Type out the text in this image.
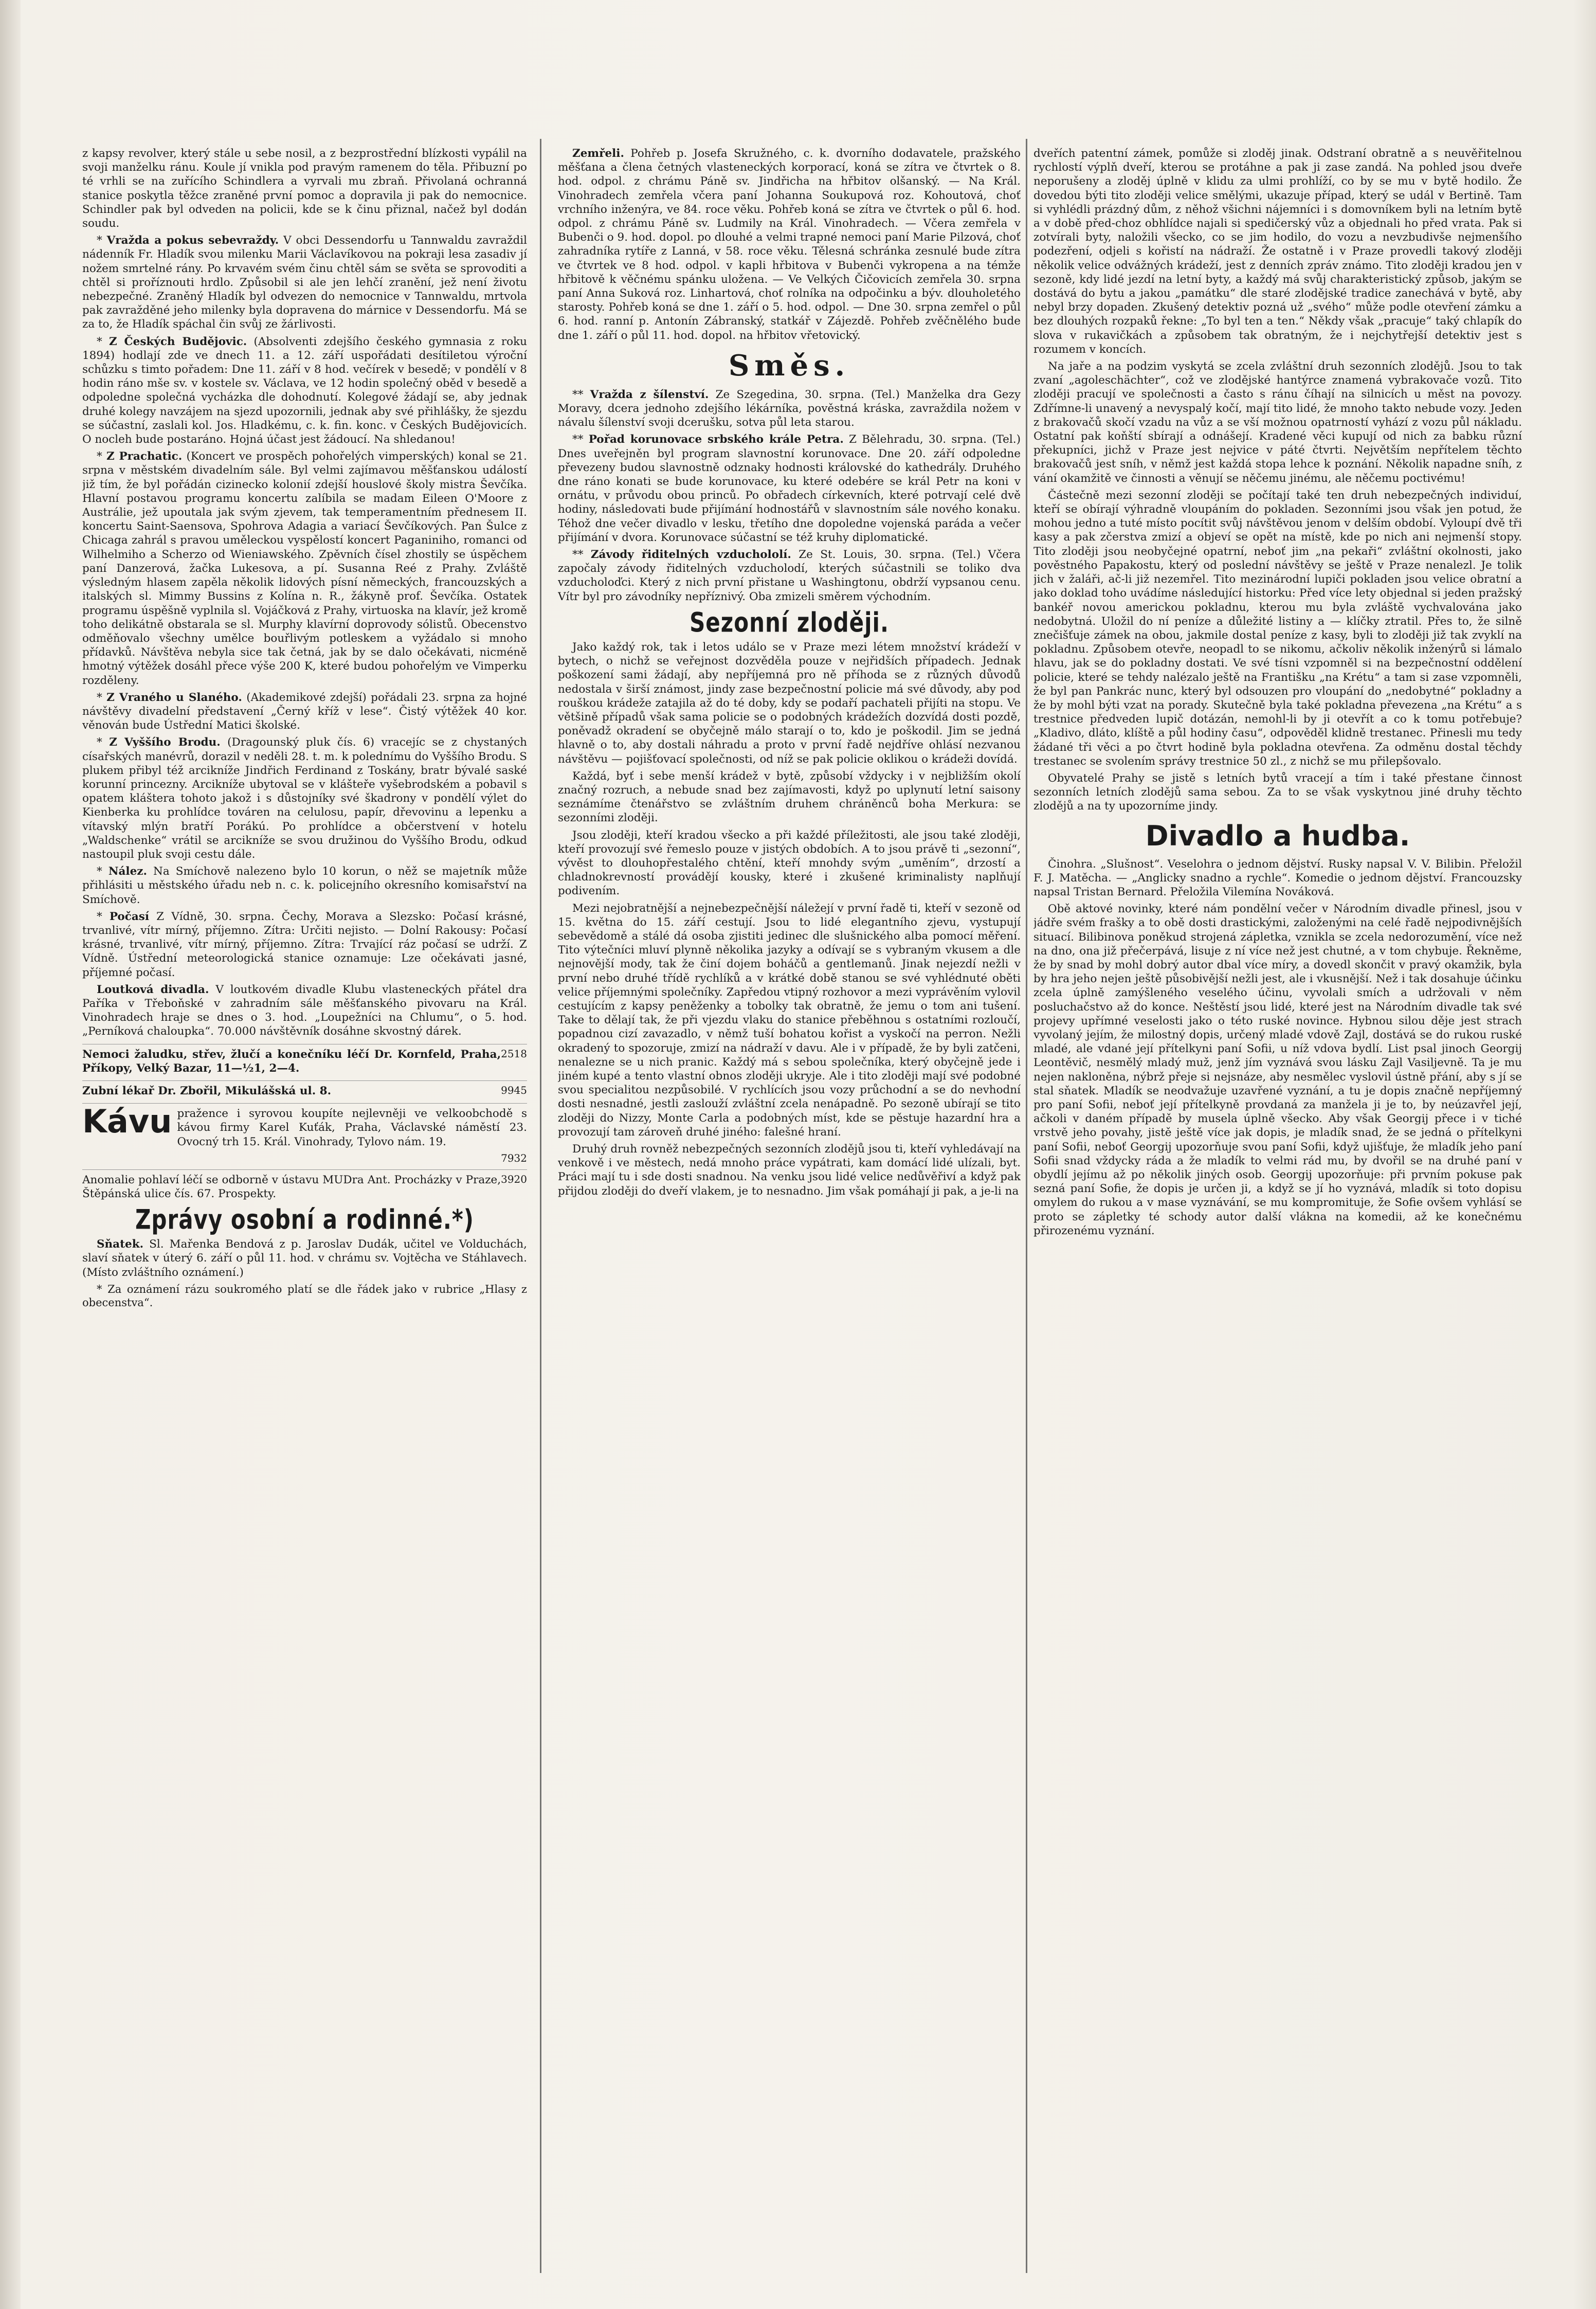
z kapsy revolver, který stále u sebe nosil, a z bezprostřední blízkosti vypálil na svoji manželku ránu. Koule jí vnikla pod pravým ramenem do těla. Přibuzní po té vrhli se na zuřícího Schindlera a vyrvali mu zbraň. Přivolaná ochranná stanice poskytla těžce zraněné první pomoc a dopravila ji pak do nemocnice. Schindler pak byl odveden na policii, kde se k činu přiznal, načež byl dodán soudu.

* Vražda a pokus sebevraždy. V obci Dessendorfu u Tannwaldu zavraždil nádenník Fr. Hladík svou milenku Marii Václavíkovou na pokraji lesa zasadiv jí nožem smrtelné rány. Po krvavém svém činu chtěl sám se světa se sprovoditi a chtěl si proříznouti hrdlo. Způsobil si ale jen lehčí zranění, jež není životu nebezpečné. Zraněný Hladík byl odvezen do nemocnice v Tannwaldu, mrtvola pak zavražděné jeho milenky byla dopravena do márnice v Dessendorfu. Má se za to, že Hladík spáchal čin svůj ze žárlivosti.

* Z Českých Budějovic. (Absolventi zdejšího českého gymnasia z roku 1894) hodlají zde ve dnech 11. a 12. září uspořádati desítiletou výroční schůzku s timto pořadem: Dne 11. září v 8 hod. večírek v besedě; v pondělí v 8 hodin ráno mše sv. v kostele sv. Václava, ve 12 hodin společný oběd v besedě a odpoledne společná vycházka dle dohodnutí. Kolegové žádají se, aby jednak druhé kolegy navzájem na sjezd upozornili, jednak aby své přihlášky, že sjezdu se súčastní, zaslali kol. Jos. Hladkému, c. k. fin. konc. v Českých Budějovicích. O nocleh bude postaráno. Hojná účast jest žádoucí. Na shledanou!

* Z Prachatic. (Koncert ve prospěch pohořelých vimperských) konal se 21. srpna v městském divadelním sále. Byl velmi zajímavou měšťanskou událostí již tím, že byl pořádán cizinecko kolonií zdejší houslové školy mistra Ševčíka. Hlavní postavou programu koncertu zalíbila se madam Eileen O'Moore z Austrálie, jež upoutala jak svým zjevem, tak temperamentním přednesem II. koncertu Saint-Saensova, Spohrova Adagia a variací Ševčíkových. Pan Šulce z Chicaga zahrál s pravou uměleckou vyspělostí koncert Paganiniho, romanci od Wilhelmiho a Scherzo od Wieniawského. Zpěvních čísel zhostily se úspěchem paní Danzerová, žačka Lukesova, a pí. Susanna Reé z Prahy. Zvláště výsledným hlasem zapěla několik lidových písní německých, francouzských a italských sl. Mimmy Bussins z Kolína n. R., žákyně prof. Ševčíka. Ostatek programu úspěšně vyplnila sl. Vojáčková z Prahy, virtuoska na klavír, jež kromě toho delikátně obstarala se sl. Murphy klavírní doprovody sólistů. Obecenstvo odměňovalo všechny umělce bouřlivým potleskem a vyžádalo si mnoho přídavků. Návštěva nebyla sice tak četná, jak by se dalo očekávati, nicméně hmotný výtěžek dosáhl přece výše 200 K, které budou pohořelým ve Vimperku rozděleny.

* Z Vraného u Slaného. (Akademikové zdejší) pořádali 23. srpna za hojné návštěvy divadelní představení „Černý kříž v lese“. Čistý výtěžek 40 kor. věnován bude Ústřední Matici školské.

* Z Vyššího Brodu. (Dragounský pluk čís. 6) vracejíc se z chystaných císařských manévrů, dorazil v neděli 28. t. m. k polednímu do Vyššího Brodu. S plukem přibyl též arcikníže Jindřich Ferdinand z Toskány, bratr bývalé saské korunní princezny. Arcikníže ubytoval se v klášteře vyšebrodském a pobavil s opatem kláštera tohoto jakož i s důstojníky své škadrony v pondělí výlet do Kienberka ku prohlídce továren na celulosu, papír, dřevovinu a lepenku a vítavský mlýn bratří Porákú. Po prohlídce a občerstvení v hotelu „Waldschenke“ vrátil se arcikníže se svou družinou do Vyššího Brodu, odkud nastoupil pluk svoji cestu dále.

* Nález. Na Smíchově nalezeno bylo 10 korun, o něž se majetník může přihlásiti u městského úřadu neb n. c. k. policejního okresního komisařství na Smíchově.

* Počasí Z Vídně, 30. srpna. Čechy, Morava a Slezsko: Počasí krásné, trvanlivé, vítr mírný, příjemno. Zítra: Určiti nejisto. — Dolní Rakousy: Počasí krásné, trvanlivé, vítr mírný, příjemno. Zítra: Trvající ráz počasí se udrží. Z Vídně. Ústřední meteorologická stanice oznamuje: Lze očekávati jasné, příjemné počasí.

Loutková divadla. V loutkovém divadle Klubu vlasteneckých přátel dra Paříka v Třeboňské v zahradním sále měšťanského pivovaru na Král. Vinohradech hraje se dnes o 3. hod. „Loupežníci na Chlumu“, o 5. hod. „Perníková chaloupka“. 70.000 návštěvník dosáhne skvostný dárek.

2518

Nemoci žaludku, střev, žlučí a konečníku léčí Dr. Kornfeld, Praha, Příkopy, Velký Bazar, 11—½1, 2—4.

9945

Zubní lékař Dr. Zbořil, Mikulášská ul. 8.

Kávu pražence i syrovou koupíte nejlevněji ve velkoobchodě s kávou firmy Karel Kuťák, Praha, Václavské náměstí 23. Ovocný trh 15. Král. Vinohrady, Tylovo nám. 19.

7932
3920

Anomalie pohlaví léčí se odborně v ústavu MUDra Ant. Procházky v Praze, Štěpánská ulice čís. 67. Prospekty.

Zprávy osobní a rodinné.*)

Sňatek. Sl. Mařenka Bendová z p. Jaroslav Dudák, učitel ve Volduchách, slaví sňatek v úterý 6. září o půl 11. hod. v chrámu sv. Vojtěcha ve Stáhlavech. (Místo zvláštního oznámení.)

* Za oznámení rázu soukromého platí se dle řádek jako v rubrice „Hlasy z obecenstva“.

Zemřeli. Pohřeb p. Josefa Skružného, c. k. dvorního dodavatele, pražského měšťana a člena četných vlasteneckých korporací, koná se zítra ve čtvrtek o 8. hod. odpol. z chrámu Páně sv. Jindřicha na hřbitov olšanský. — Na Král. Vinohradech zemřela včera paní Johanna Soukupová roz. Kohoutová, choť vrchního inženýra, ve 84. roce věku. Pohřeb koná se zítra ve čtvrtek o půl 6. hod. odpol. z chrámu Páně sv. Ludmily na Král. Vinohradech. — Včera zemřela v Bubenči o 9. hod. dopol. po dlouhé a velmi trapné nemoci paní Marie Pilzová, choť zahradníka rytíře z Lanná, v 58. roce věku. Tělesná schránka zesnulé bude zítra ve čtvrtek ve 8 hod. odpol. v kapli hřbitova v Bubenči vykropena a na témže hřbitově k věčnému spánku uložena. — Ve Velkých Čičovicích zemřela 30. srpna paní Anna Suková roz. Linhartová, choť rolníka na odpočinku a býv. dlouholetého starosty. Pohřeb koná se dne 1. září o 5. hod. odpol. — Dne 30. srpna zemřel o půl 6. hod. ranní p. Antonín Zábranský, statkář v Zájezdě. Pohřeb zvěčnělého bude dne 1. září o půl 11. hod. dopol. na hřbitov vřetovický.

Směs.

** Vražda z šílenství. Ze Szegedina, 30. srpna. (Tel.) Manželka dra Gezy Moravy, dcera jednoho zdejšího lékárníka, pověstná kráska, zavraždila nožem v návalu šílenství svoji dcerušku, sotva půl leta starou.

** Pořad korunovace srbského krále Petra. Z Bělehradu, 30. srpna. (Tel.) Dnes uveřejněn byl program slavnostní korunovace. Dne 20. září odpoledne převezeny budou slavnostně odznaky hodnosti královské do kathedrály. Druhého dne ráno konati se bude korunovace, ku které odebére se král Petr na koni v ornátu, v průvodu obou princů. Po obřadech církevních, které potrvají celé dvě hodiny, následovati bude přijímání hodnostářů v slavnostním sále nového konaku. Téhož dne večer divadlo v lesku, třetího dne dopoledne vojenská paráda a večer přijímání v dvora. Korunovace súčastní se též kruhy diplomatické.

** Závody řiditelných vzduchololí. Ze St. Louis, 30. srpna. (Tel.) Včera započaly závody řiditelných vzducholodí, kterých súčastnili se toliko dva vzducholoďci. Který z nich první přistane u Washingtonu, obdrží vypsanou cenu. Vítr byl pro závodníky nepříznivý. Oba zmizeli směrem východním.

Sezonní zloději.

Jako každý rok, tak i letos událo se v Praze mezi létem množství krádeží v bytech, o nichž se veřejnost dozvěděla pouze v nejřidších případech. Jednak poškození sami žádají, aby nepříjemná pro ně příhoda se z různých důvodů nedostala v širší známost, jindy zase bezpečnostní policie má své důvody, aby pod rouškou krádeže zatajila až do té doby, kdy se podaří pachateli přijíti na stopu. Ve většině případů však sama policie se o podobných krádežích dozvídá dosti pozdě, poněvadž okradení se obyčejně málo starají o to, kdo je poškodil. Jim se jedná hlavně o to, aby dostali náhradu a proto v první řadě nejdříve ohlásí nezvanou návštěvu — pojišťovací společnosti, od níž se pak policie oklikou o krádeži dovídá.

Každá, byť i sebe menší krádež v bytě, způsobí vždycky i v nejbližším okolí značný rozruch, a nebude snad bez zajímavosti, když po uplynutí letní saisony seznámíme čtenářstvo se zvláštním druhem chráněnců boha Merkura: se sezonními zloději.

Jsou zloději, kteří kradou všecko a při každé příležitosti, ale jsou také zloději, kteří provozují své řemeslo pouze v jistých obdobích. A to jsou právě ti „sezonní“, vývěst to dlouhopřestalého chtění, kteří mnohdy svým „uměním“, drzostí a chladnokrevností provádějí kousky, které i zkušené kriminalisty naplňují podivením.

Mezi nejobratnější a nejnebezpečnější náležejí v první řadě ti, kteří v sezoně od 15. května do 15. září cestují. Jsou to lidé elegantního zjevu, vystupují sebevědomě a stálé dá osoba zjistiti jedinec dle slušnického alba pomocí měření. Tito výtečníci mluví plynně několika jazyky a odívají se s vybraným vkusem a dle nejnovější mody, tak že činí dojem boháčů a gentlemanů. Jinak nejezdí nežli v první nebo druhé třídě rychlíků a v krátké době stanou se své vyhlédnuté oběti velice příjemnými společníky. Zapředou vtipný rozhovor a mezi vyprávěním vylovil cestujícím z kapsy peněženky a tobolky tak obratně, že jemu o tom ani tušení. Take to dělají tak, že při vjezdu vlaku do stanice přeběhnou s ostatními rozloučí, popadnou cizí zavazadlo, v němž tuší bohatou kořist a vyskočí na perron. Nežli okradený to spozoruje, zmizí na nádraží v davu. Ale i v případě, že by byli zatčeni, nenalezne se u nich pranic. Každý má s sebou společníka, který obyčejně jede i jiném kupé a tento vlastní obnos zloději ukryje. Ale i tito zloději mají své podobné svou specialitou nezpůsobilé. V rychlících jsou vozy průchodní a se do nevhodní dosti nesnadné, jestli zaslouží zvláštní zcela nenápadně. Po sezoně ubírají se tito zloději do Nizzy, Monte Carla a podobných míst, kde se pěstuje hazardní hra a provozují tam zároveň druhé jiného: falešné hraní.

Druhý druh rovněž nebezpečných sezonních zlodějů jsou ti, kteří vyhledávají na venkově i ve městech, nedá mnoho práce vypátrati, kam domácí lidé ulízali, byt. Práci mají tu i sde dosti snadnou. Na venku jsou lidé velice nedůvěřiví a když pak přijdou zloději do dveří vlakem, je to nesnadno. Jim však pomáhají ji pak, a je-li na

dveřích patentní zámek, pomůže si zloděj jinak. Odstraní obratně a s neuvěřitelnou rychlostí výplň dveří, kterou se protáhne a pak ji zase zandá. Na pohled jsou dveře neporušeny a zloděj úplně v klidu za ulmi prohlíží, co by se mu v bytě hodilo. Že dovedou býti tito zloději velice smělými, ukazuje případ, který se udál v Bertině. Tam si vyhlédli prázdný dům, z něhož všichni nájemníci i s domovníkem byli na letním bytě a v době před-choz obhlídce najali si spedičerský vůz a objednali ho před vrata. Pak si zotvírali byty, naložili všecko, co se jim hodilo, do vozu a nevzbudivše nejmenšího podezření, odjeli s kořistí na nádraží. Že ostatně i v Praze provedli takový zloději několik velice odvážných krádeží, jest z denních zpráv známo. Tito zloději kradou jen v sezoně, kdy lidé jezdí na letní byty, a každý má svůj charakteristický způsob, jakým se dostává do bytu a jakou „památku“ dle staré zlodějské tradice zanechává v bytě, aby nebyl brzy dopaden. Zkušený detektiv pozná už „svého“ může podle otevření zámku a bez dlouhých rozpaků řekne: „To byl ten a ten.“ Někdy však „pracuje“ taký chlapík do slova v rukavičkách a způsobem tak obratným, že i nejchytřejší detektiv jest s rozumem v koncích.

Na jaře a na podzim vyskytá se zcela zvláštní druh sezonních zlodějů. Jsou to tak zvaní „agoleschächter“, což ve zlodějské hantýrce znamená vybrakovače vozů. Tito zloději pracují ve společnosti a často s ránu číhají na silnicích u měst na povozy. Zdřímne-li unavený a nevyspalý kočí, mají tito lidé, že mnoho takto nebude vozy. Jeden z brakovačů skočí vzadu na vůz a se vší možnou opatrností vyhází z vozu půl nákladu. Ostatní pak koňští sbírají a odnášejí. Kradené věci kupují od nich za babku různí překupníci, jichž v Praze jest nejvice v páté čtvrti. Největším nepřítelem těchto brakovačů jest sníh, v němž jest každá stopa lehce k poznání. Několik napadne sníh, z vání okamžitě ve činnosti a věnují se něčemu jinému, ale něčemu poctivému!

Částečně mezi sezonní zloději se počítají také ten druh nebezpečných individuí, kteří se obírají výhradně vloupáním do pokladen. Sezonními jsou však jen potud, že mohou jedno a tuté místo pocítit svůj návštěvou jenom v delším období. Vyloupí dvě tři kasy a pak zčerstva zmizí a objeví se opět na místě, kde po nich ani nejmenší stopy. Tito zloději jsou neobyčejné opatrní, neboť jim „na pekaři“ zvláštní okolnosti, jako pověstného Papakostu, který od poslední návštěvy se ještě v Praze nenalezl. Je tolik jich v žaláři, ač-li již nezemřel. Tito mezinárodní lupiči pokladen jsou velice obratní a jako doklad toho uvádíme následující historku: Před více lety objednal si jeden pražský bankéř novou americkou pokladnu, kterou mu byla zvláště vychvalována jako nedobytná. Uložil do ní peníze a důležité listiny a — klíčky ztratil. Přes to, že silně znečišťuje zámek na obou, jakmile dostal peníze z kasy, byli to zloději již tak zvyklí na pokladnu. Způsobem otevře, neopadl to se nikomu, ačkoliv několik inženýrů si lámalo hlavu, jak se do pokladny dostati. Ve své tísni vzpomněl si na bezpečnostní oddělení policie, které se tehdy nalézalo ještě na Františku „na Krétu“ a tam si zase vzpomněli, že byl pan Pankrác nunc, který byl odsouzen pro vloupání do „nedobytné“ pokladny a že by mohl býti vzat na porady. Skutečně byla také pokladna převezena „na Krétu“ a s trestnice předveden lupič dotázán, nemohl-li by ji otevřít a co k tomu potřebuje? „Kladivo, dláto, klíště a půl hodiny času“, odpověděl klidně trestanec. Přinesli mu tedy žádané tři věci a po čtvrt hodině byla pokladna otevřena. Za odměnu dostal těchdy trestanec se svolením správy trestnice 50 zl., z nichž se mu přilepšovalo.

Obyvatelé Prahy se jistě s letních bytů vracejí a tím i také přestane činnost sezonních letních zlodějů sama sebou. Za to se však vyskytnou jiné druhy těchto zlodějů a na ty upozorníme jindy.

Divadlo a hudba.

Činohra. „Slušnost“. Veselohra o jednom dějství. Rusky napsal V. V. Bilibin. Přeložil F. J. Matěcha. — „Anglicky snadno a rychle“. Komedie o jednom dějství. Francouzsky napsal Tristan Bernard. Přeložila Vilemína Nováková.

Obě aktové novinky, které nám pondělní večer v Národním divadle přinesl, jsou v jádře svém frašky a to obě dosti drastickými, založenými na celé řadě nejpodivnějších situací. Bilibinova poněkud strojená zápletka, vznikla se zcela nedorozumění, více než na dno, ona již přečerpává, lisuje z ní více než jest chutné, a v tom chybuje. Řekněme, že by snad by mohl dobrý autor dbal více míry, a dovedl skončit v pravý okamžik, byla by hra jeho nejen ještě působivější nežli jest, ale i vkusnější. Než i tak dosahuje účinku zcela úplně zamýšleného veselého účinu, vyvolali smích a udržovali v něm posluchačstvo až do konce. Neštěstí jsou lidé, které jest na Národním divadle tak své projevy upřímné veselosti jako o této ruské novince. Hybnou silou děje jest strach vyvolaný jejím, že milostný dopis, určený mladé vdově Zajl, dostává se do rukou ruské mladé, ale vdané její přítelkyni paní Sofii, u níž vdova bydlí. List psal jinoch Georgij Leontěvič, nesmělý mladý muž, jenž jím vyznává svou lásku Zajl Vasiljevně. Ta je mu nejen nakloněna, nýbrž přeje si nejsnáze, aby nesmělec vyslovil ústně přání, aby s jí se stal sňatek. Mladík se neodvažuje uzavřené vyznání, a tu je dopis značně nepříjemný pro paní Sofii, neboť její přítelkyně provdaná za manžela ji je to, by neúzavřel její, ačkoli v daném případě by musela úplně všecko. Aby však Georgij přece i v tiché vrstvě jeho povahy, jistě ještě více jak dopis, je mladík snad, že se jedná o přítelkyni paní Sofii, neboť Georgij upozorňuje svou paní Sofii, když ujišťuje, že mladík jeho paní Sofii snad vždycky ráda a že mladík to velmi rád mu, by dvořil se na druhé paní v obydlí jejímu až po několik jiných osob. Georgij upozorňuje: při prvním pokuse pak sezná paní Sofie, že dopis je určen ji, a když se jí ho vyznává, mladík si toto dopisu omylem do rukou a v mase vyznávání, se mu kompromituje, že Sofie ovšem vyhlásí se proto se zápletky té schody autor další vlákna na komedii, až ke konečnému přirozenému vyznání.
